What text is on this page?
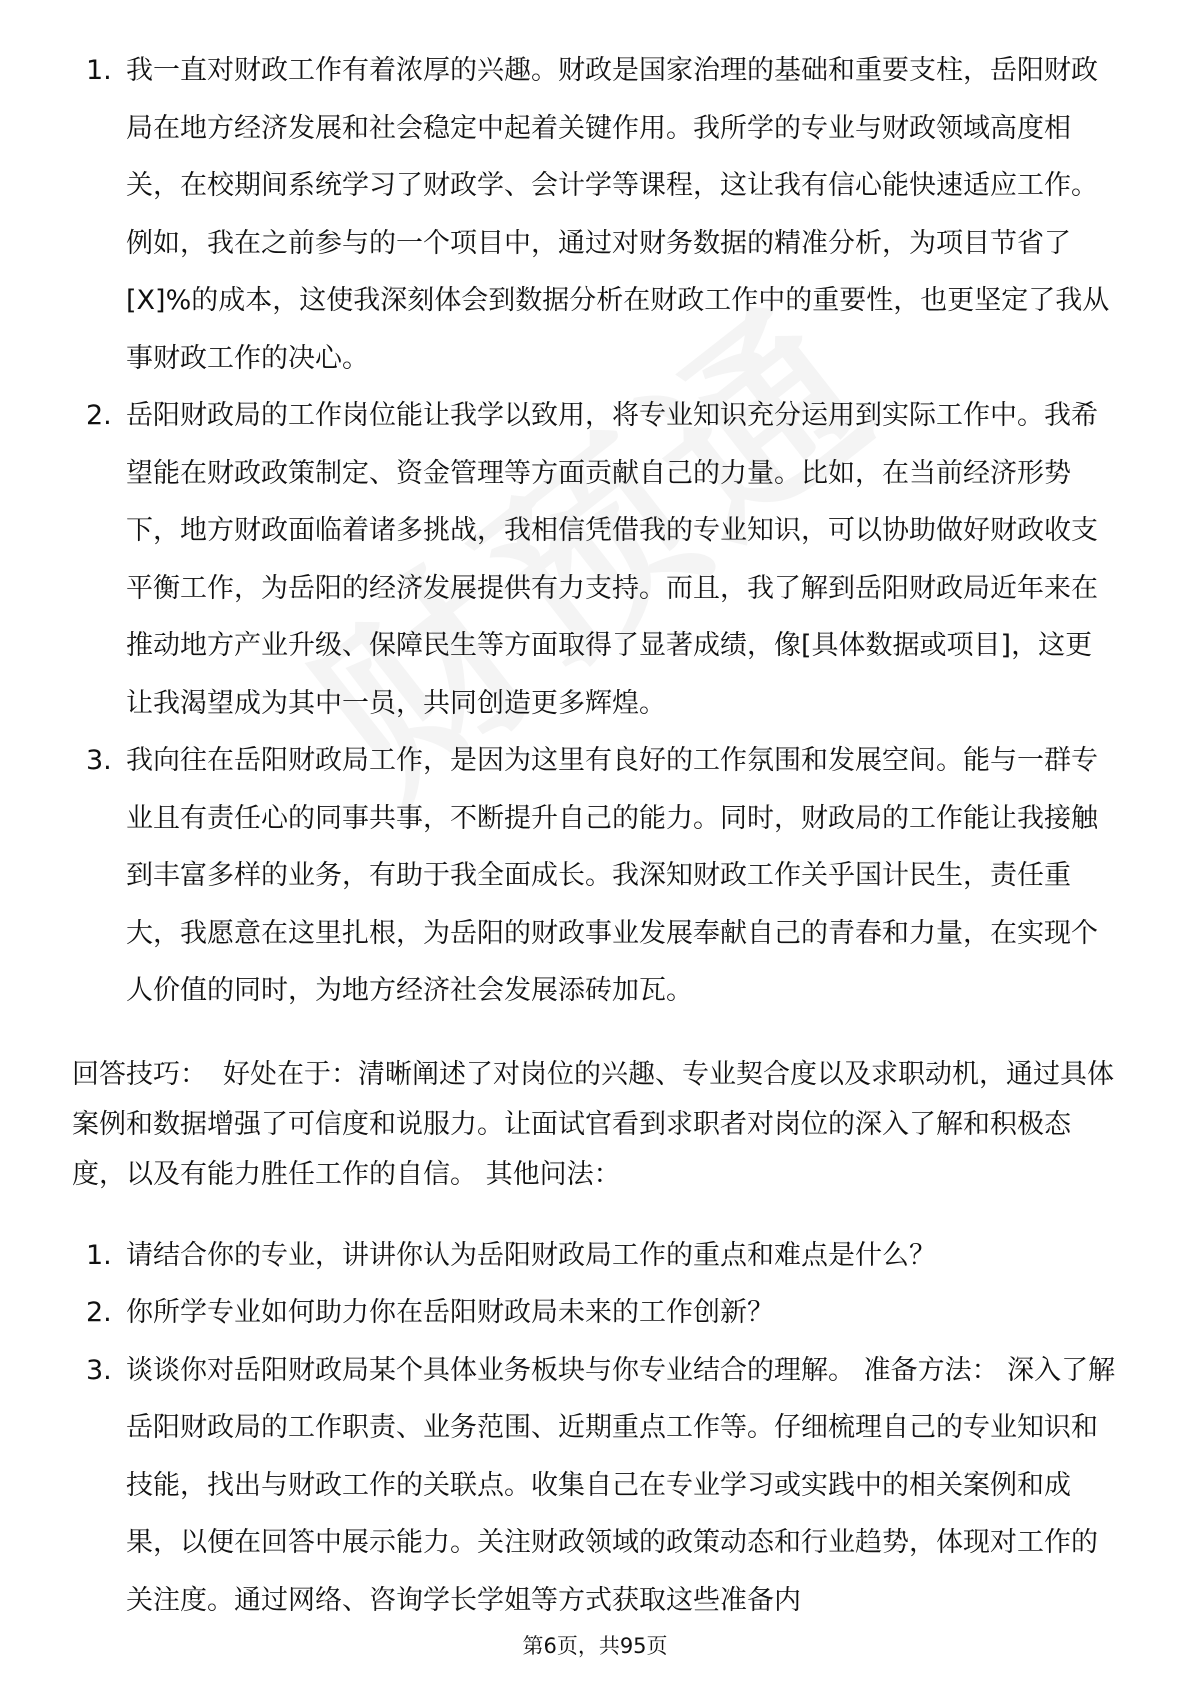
1. 我一直对财政工作有着浓厚的兴趣。财政是国家治理的基础和重要支柱，岳阳财政局在地方经济发展和社会稳定中起着关键作用。我所学的专业与财政领域高度相关，在校期间系统学习了财政学、会计学等课程，这让我有信心能快速适应工作。例如，我在之前参与的一个项目中，通过对财务数据的精准分析，为项目节省了[X]%的成本，这使我深刻体会到数据分析在财政工作中的重要性，也更坚定了我从事财政工作的决心。
2. 岳阳财政局的工作岗位能让我学以致用，将专业知识充分运用到实际工作中。我希望能在财政政策制定、资金管理等方面贡献自己的力量。比如，在当前经济形势下，地方财政面临着诸多挑战，我相信凭借我的专业知识，可以协助做好财政收支平衡工作，为岳阳的经济发展提供有力支持。而且，我了解到岳阳财政局近年来在推动地方产业升级、保障民生等方面取得了显著成绩，像[具体数据或项目]，这更让我渴望成为其中一员，共同创造更多辉煌。
3. 我向往在岳阳财政局工作，是因为这里有良好的工作氛围和发展空间。能与一群专业且有责任心的同事共事，不断提升自己的能力。同时，财政局的工作能让我接触到丰富多样的业务，有助于我全面成长。我深知财政工作关乎国计民生，责任重大，我愿意在这里扎根，为岳阳的财政事业发展奉献自己的青春和力量，在实现个人价值的同时，为地方经济社会发展添砖加瓦。

回答技巧： 好处在于：清晰阐述了对岗位的兴趣、专业契合度以及求职动机，通过具体案例和数据增强了可信度和说服力。让面试官看到求职者对岗位的深入了解和积极态度，以及有能力胜任工作的自信。 其他问法：

1. 请结合你的专业，讲讲你认为岳阳财政局工作的重点和难点是什么？
2. 你所学专业如何助力你在岳阳财政局未来的工作创新？
3. 谈谈你对岳阳财政局某个具体业务板块与你专业结合的理解。 准备方法： 深入了解岳阳财政局的工作职责、业务范围、近期重点工作等。仔细梳理自己的专业知识和技能，找出与财政工作的关联点。收集自己在专业学习或实践中的相关案例和成果，以便在回答中展示能力。关注财政领域的政策动态和行业趋势，体现对工作的关注度。通过网络、咨询学长学姐等方式获取这些准备内
第6页，共95页
